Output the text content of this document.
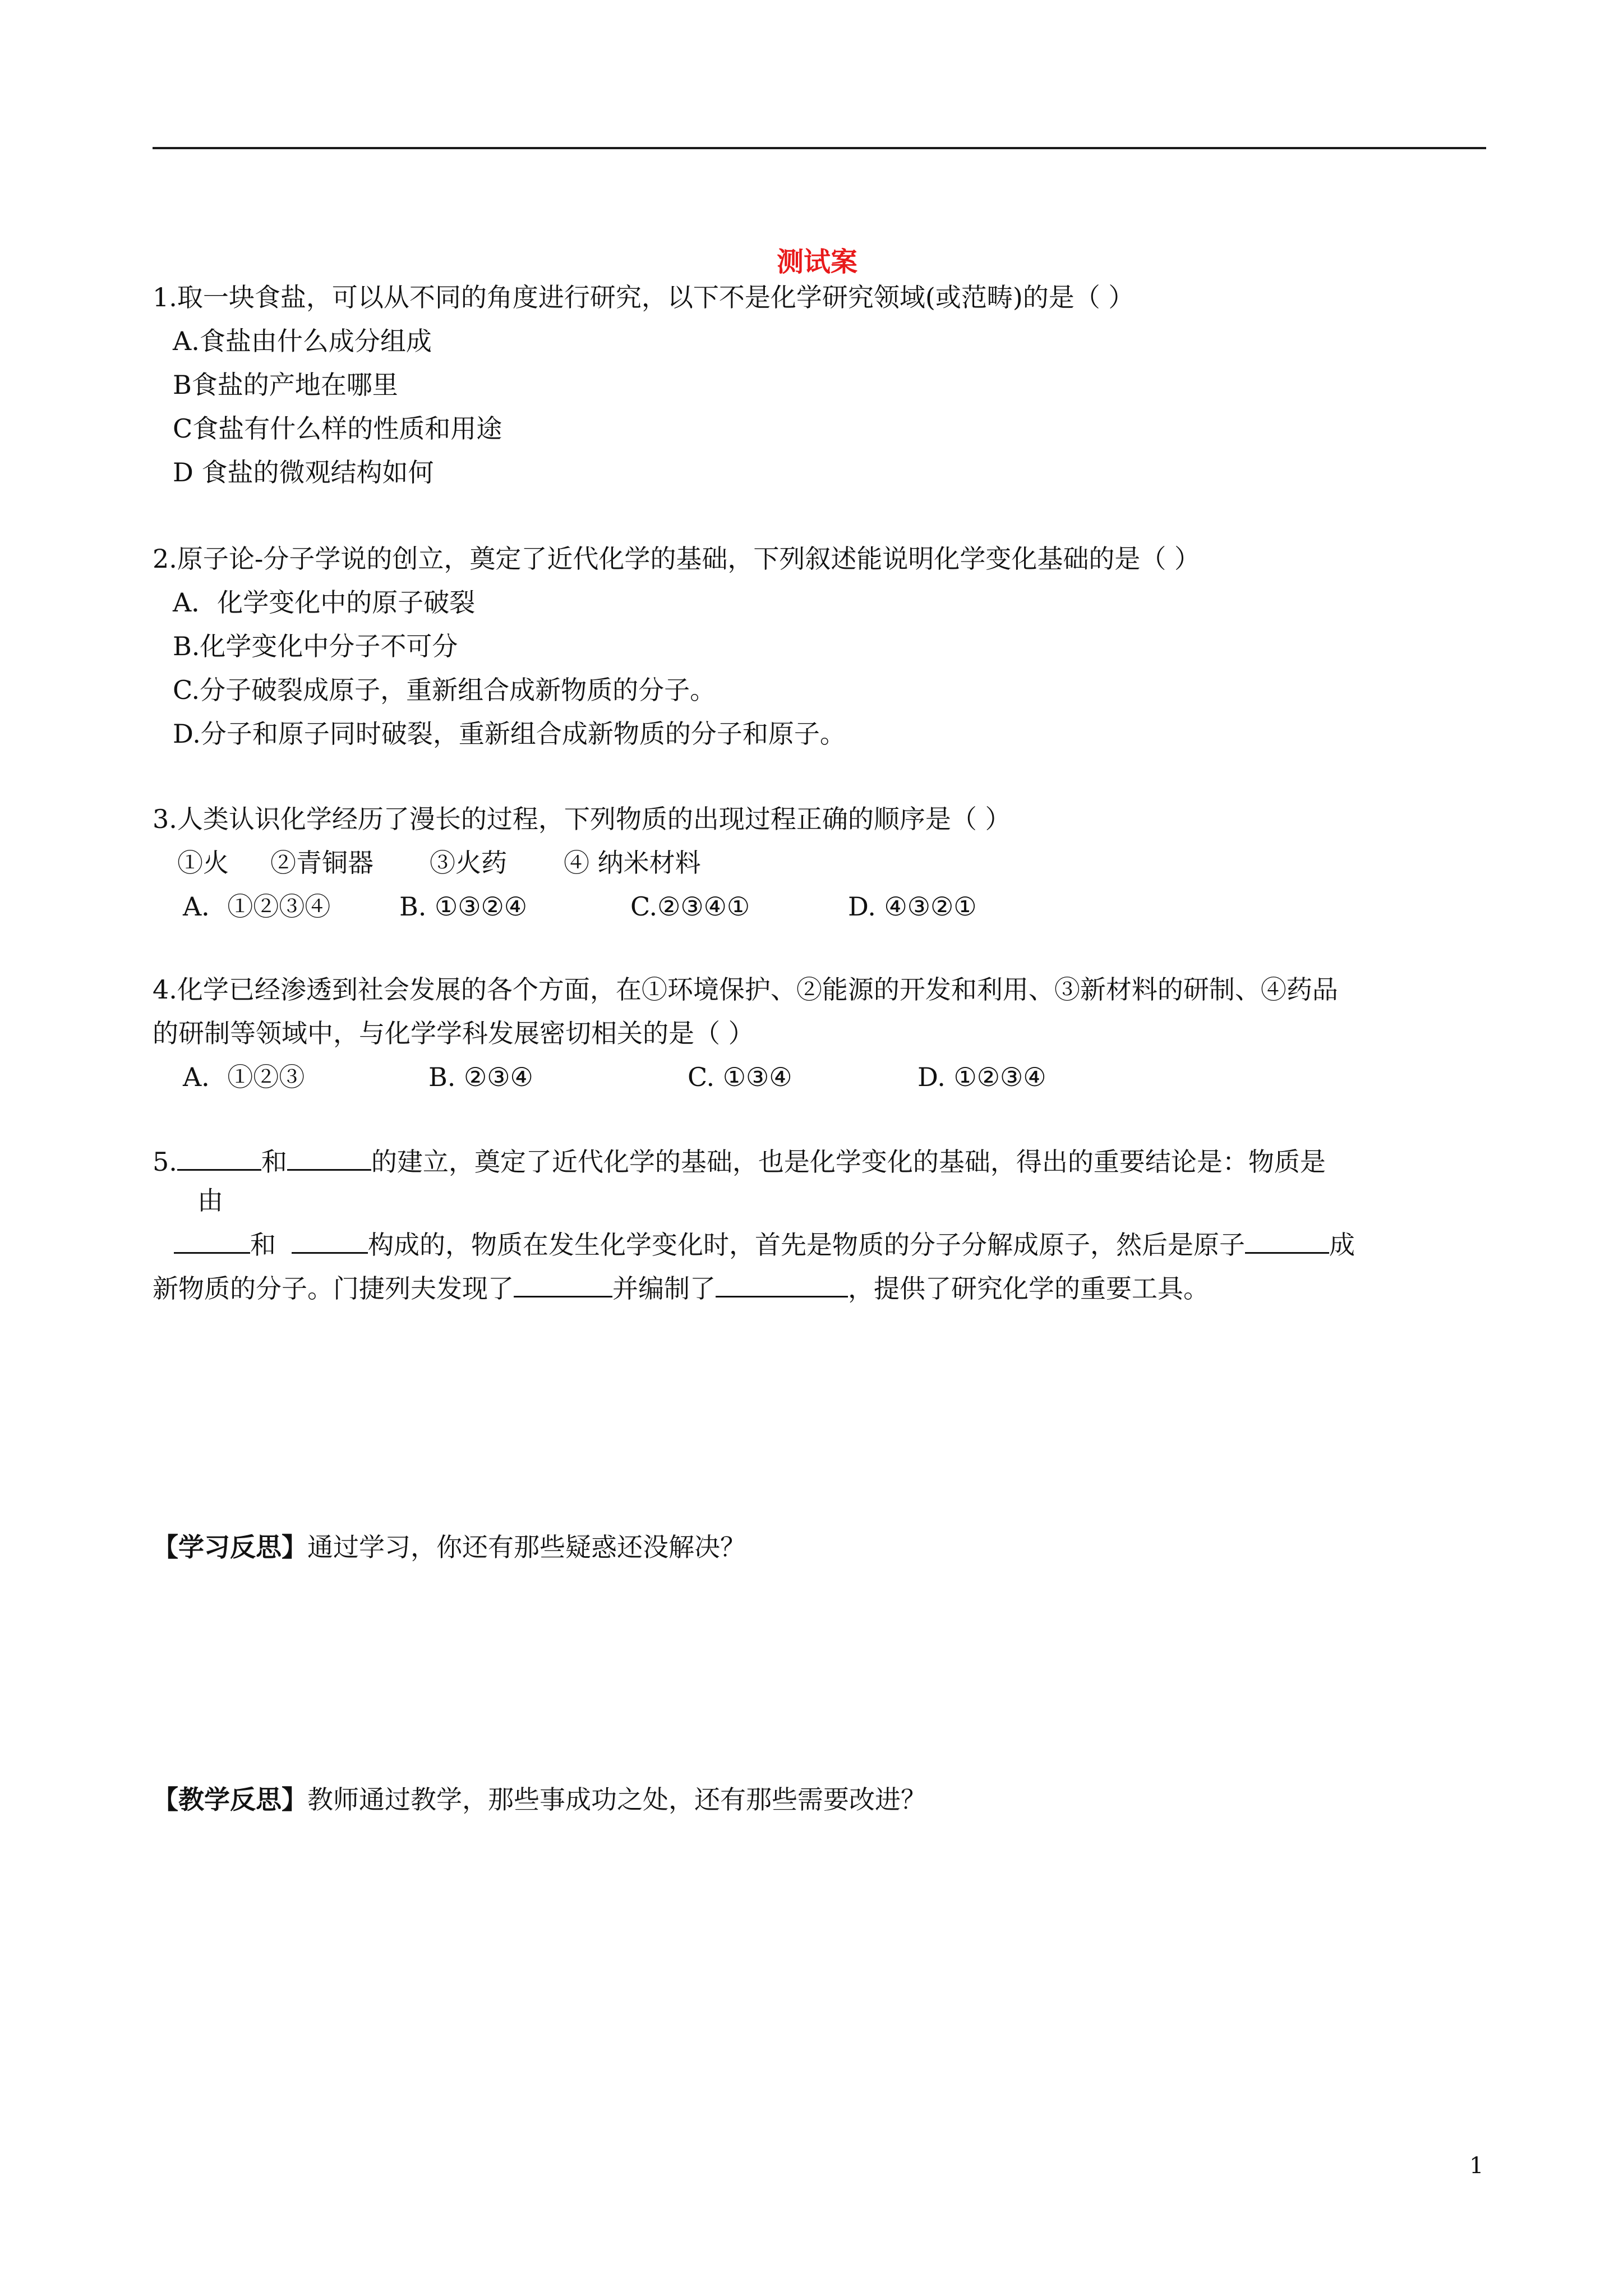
测试案
1.取一块食盐，可以从不同的角度进行研究，以下不是化学研究领域(或范畴)的是（ ）
A.食盐由什么成分组成
B食盐的产地在哪里
C食盐有什么样的性质和用途
D 食盐的微观结构如何
2.原子论-分子学说的创立，奠定了近代化学的基础，下列叙述能说明化学变化基础的是（ ）
A．化学变化中的原子破裂
B.化学变化中分子不可分
C.分子破裂成原子，重新组合成新物质的分子。
D.分子和原子同时破裂，重新组合成新物质的分子和原子。
3.人类认识化学经历了漫长的过程，下列物质的出现过程正确的顺序是（ ）
①火 ②青铜器 ③火药 ④ 纳米材料
A．①②③④	B. ①③②④	C.②③④①	D. ④③②①
4.化学已经渗透到社会发展的各个方面，在①环境保护、②能源的开发和利用、③新材料的研制、④药品
的研制等领域中，与化学学科发展密切相关的是（ ）
A．①②③	B. ②③④	C. ①③④	D. ①②③④
5.	和	的建立，奠定了近代化学的基础，也是化学变化的基础，得出的重要结论是：物质是
由
和	构成的，物质在发生化学变化时，首先是物质的分子分解成原子，然后是原子	成
新物质的分子。门捷列夫发现了	并编制了	，提供了研究化学的重要工具。
【学习反思】通过学习，你还有那些疑惑还没解决？
【教学反思】教师通过教学，那些事成功之处，还有那些需要改进？
1
